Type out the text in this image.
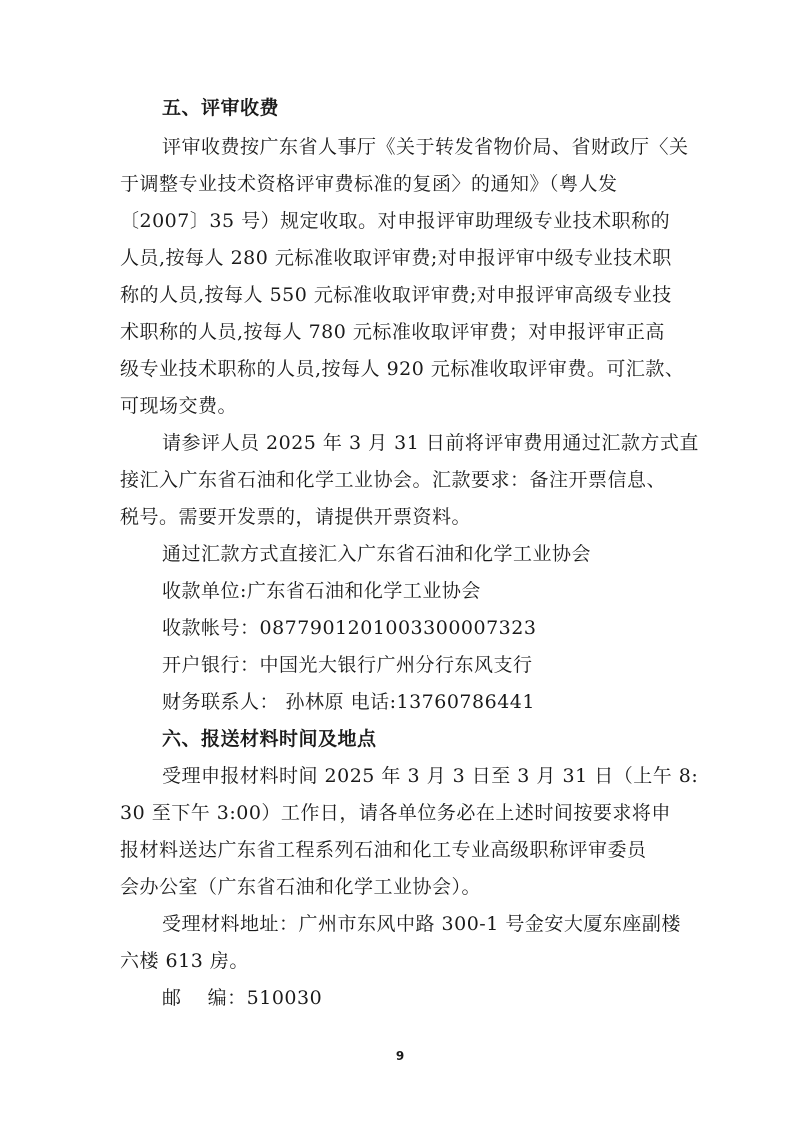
五、评审收费
评审收费按广东省人事厅《关于转发省物价局、省财政厅〈关
于调整专业技术资格评审费标准的复函〉的通知》（粤人发
〔2007〕35 号）规定收取。对申报评审助理级专业技术职称的
人员,按每人 280 元标准收取评审费;对申报评审中级专业技术职
称的人员,按每人 550 元标准收取评审费;对申报评审高级专业技
术职称的人员,按每人 780 元标准收取评审费；对申报评审正高
级专业技术职称的人员,按每人 920 元标准收取评审费。可汇款、
可现场交费。
请参评人员 2025 年 3 月 31 日前将评审费用通过汇款方式直
接汇入广东省石油和化学工业协会。汇款要求：备注开票信息、
税号。需要开发票的，请提供开票资料。
通过汇款方式直接汇入广东省石油和化学工业协会
收款单位:广东省石油和化学工业协会
收款帐号：0877901201003300007323
开户银行：中国光大银行广州分行东风支行
财务联系人： 孙林原 电话:13760786441
六、报送材料时间及地点
受理申报材料时间 2025 年 3 月 3 日至 3 月 31 日（上午 8:
30 至下午 3:00）工作日，请各单位务必在上述时间按要求将申
报材料送达广东省工程系列石油和化工专业高级职称评审委员
会办公室（广东省石油和化学工业协会）。
受理材料地址：广州市东风中路 300-1 号金安大厦东座副楼
六楼 613 房。
邮    编：510030
9
